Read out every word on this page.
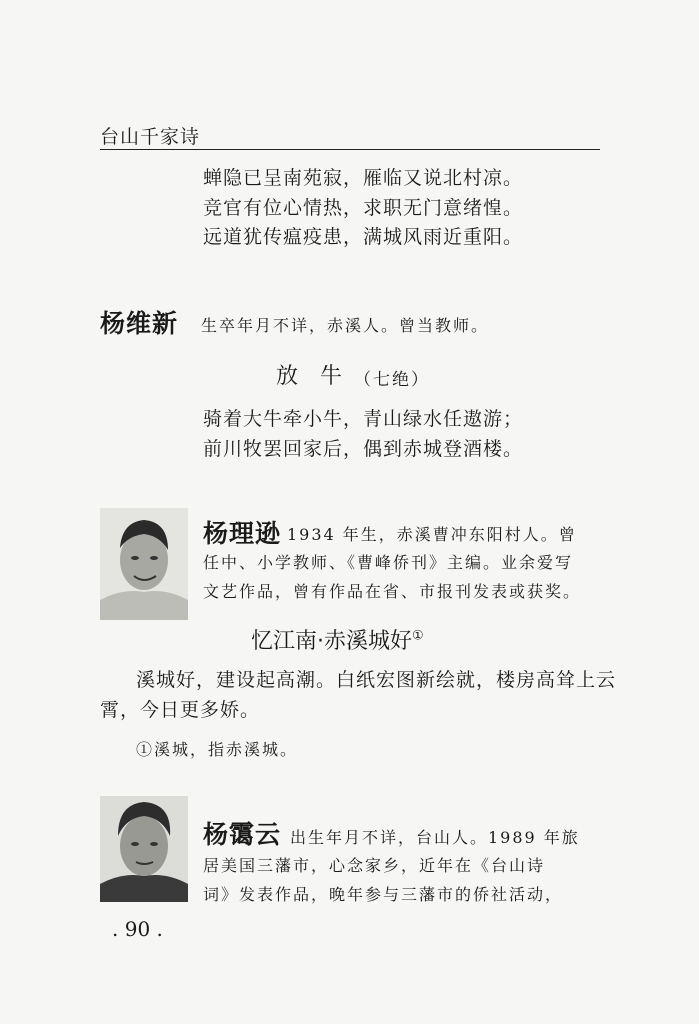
台山千家诗
蝉隐已呈南苑寂，雁临又说北村凉。
竞官有位心情热，求职无门意绪惶。
远道犹传瘟疫患，满城风雨近重阳。
杨维新 生卒年月不详，赤溪人。曾当教师。
放　牛 （七绝）
骑着大牛牵小牛，青山绿水任遨游；
前川牧罢回家后，偶到赤城登酒楼。
杨理逊 1934 年生，赤溪曹冲东阳村人。曾
任中、小学教师、《曹峰侨刊》主编。业余爱写
文艺作品，曾有作品在省、市报刊发表或获奖。
忆江南·赤溪城好①
溪城好，建设起高潮。白纸宏图新绘就，楼房高耸上云
霄，今日更多娇。
①溪城，指赤溪城。
杨霭云 出生年月不详，台山人。1989 年旅
居美国三藩市，心念家乡，近年在《台山诗
词》发表作品，晚年参与三藩市的侨社活动，
. 90 .
